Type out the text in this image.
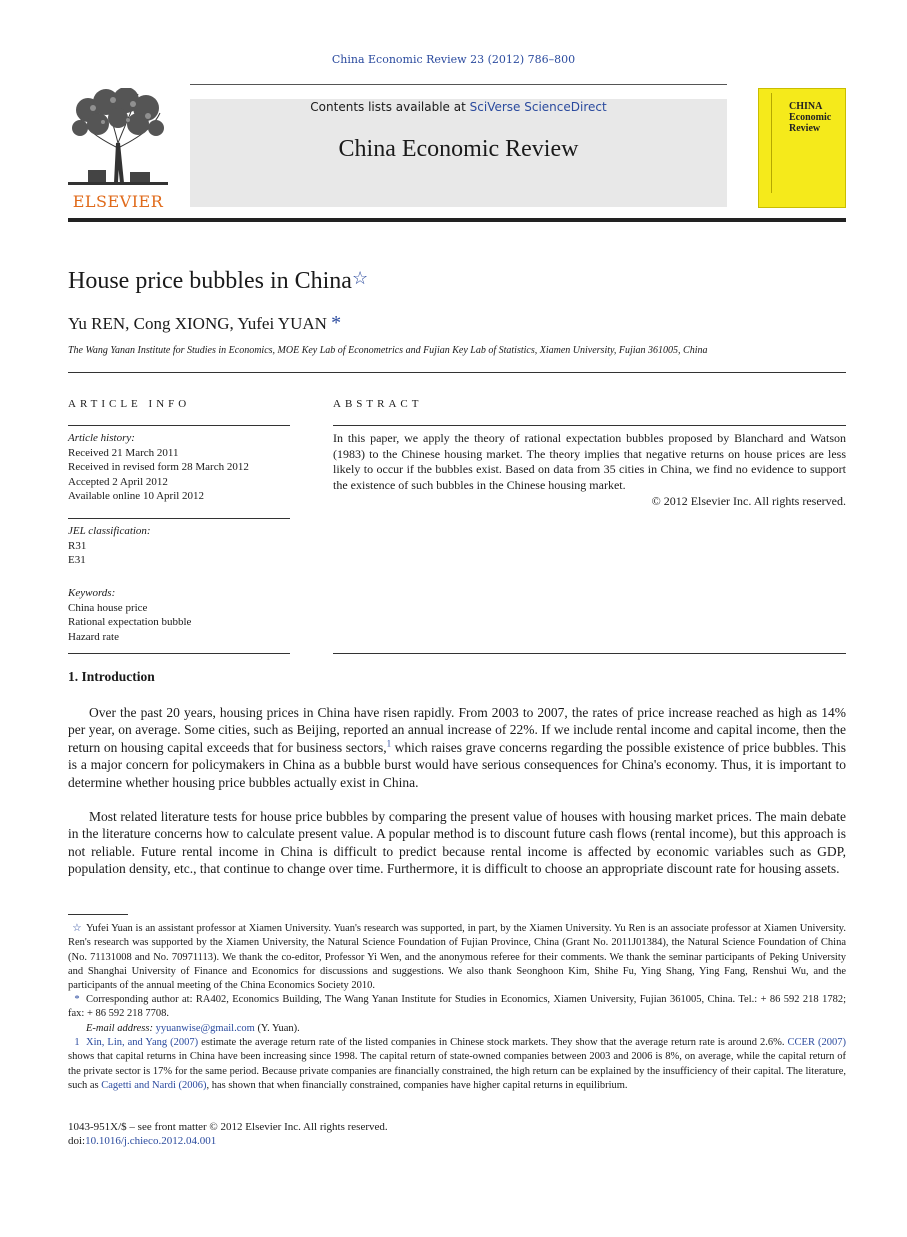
China Economic Review 23 (2012) 786–800
ELSEVIER
Contents lists available at SciVerse ScienceDirect
China Economic Review
CHINA
Economic
Review
House price bubbles in China☆
Yu REN, Cong XIONG, Yufei YUAN *
The Wang Yanan Institute for Studies in Economics, MOE Key Lab of Econometrics and Fujian Key Lab of Statistics, Xiamen University, Fujian 361005, China
ARTICLE INFO	ABSTRACT
Article history:
Received 21 March 2011
Received in revised form 28 March 2012
Accepted 2 April 2012
Available online 10 April 2012
JEL classification:
R31
E31
Keywords:
China house price
Rational expectation bubble
Hazard rate
In this paper, we apply the theory of rational expectation bubbles proposed by Blanchard and Watson (1983) to the Chinese housing market. The theory implies that negative returns on house prices are less likely to occur if the bubbles exist. Based on data from 35 cities in China, we find no evidence to support the existence of such bubbles in the Chinese housing market.
© 2012 Elsevier Inc. All rights reserved.
1. Introduction
Over the past 20 years, housing prices in China have risen rapidly. From 2003 to 2007, the rates of price increase reached as high as 14% per year, on average. Some cities, such as Beijing, reported an annual increase of 22%. If we include rental income and capital income, then the return on housing capital exceeds that for business sectors,$^1$ which raises grave concerns regarding the possible existence of price bubbles. This is a major concern for policymakers in China as a bubble burst would have serious consequences for China's economy. Thus, it is important to determine whether housing price bubbles actually exist in China.
Most related literature tests for house price bubbles by comparing the present value of houses with housing market prices. The main debate in the literature concerns how to calculate present value. A popular method is to discount future cash flows (rental income), but this approach is not reliable. Future rental income in China is difficult to predict because rental income is affected by economic variables such as GDP, population density, etc., that continue to change over time. Furthermore, it is difficult to choose an appropriate discount rate for housing assets.
☆ Yufei Yuan is an assistant professor at Xiamen University. Yuan's research was supported, in part, by the Xiamen University. Yu Ren is an associate professor at Xiamen University. Ren's research was supported by the Xiamen University, the Natural Science Foundation of Fujian Province, China (Grant No. 2011J01384), the Natural Science Foundation of China (No. 71131008 and No. 70971113). We thank the co-editor, Professor Yi Wen, and the anonymous referee for their comments. We thank the seminar participants of Peking University and Shanghai University of Finance and Economics for discussions and suggestions. We also thank Seonghoon Kim, Shihe Fu, Ying Shang, Ying Fang, Renshui Wu, and the participants of the annual meeting of the China Economics Society 2010.
* Corresponding author at: RA402, Economics Building, The Wang Yanan Institute for Studies in Economics, Xiamen University, Fujian 361005, China. Tel.: + 86 592 218 1782; fax: + 86 592 218 7708.
E-mail address: yyuanwise@gmail.com (Y. Yuan).
1 Xin, Lin, and Yang (2007) estimate the average return rate of the listed companies in Chinese stock markets. They show that the average return rate is around 2.6%. CCER (2007) shows that capital returns in China have been increasing since 1998. The capital return of state-owned companies between 2003 and 2006 is 8%, on average, while the capital return of the private sector is 17% for the same period. Because private companies are financially constrained, the high return can be explained by the insufficiency of their capital. The literature, such as Cagetti and Nardi (2006), has shown that when financially constrained, companies have higher capital returns in equilibrium.
1043-951X/$ – see front matter © 2012 Elsevier Inc. All rights reserved.
doi:10.1016/j.chieco.2012.04.001
